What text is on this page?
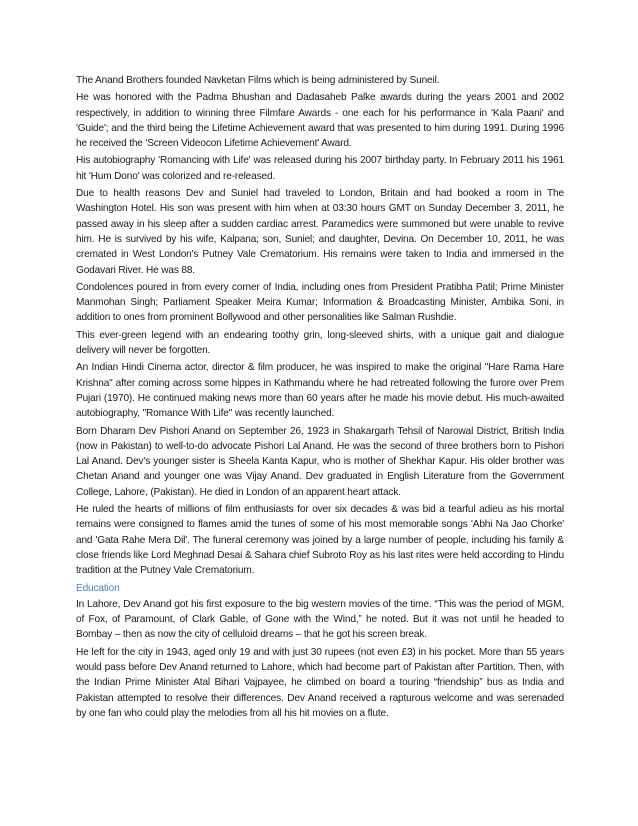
The Anand Brothers founded Navketan Films which is being administered by Suneil.

He was honored with the Padma Bhushan and Dadasaheb Palke awards during the years 2001 and 2002 respectively, in addition to winning three Filmfare Awards - one each for his performance in 'Kala Paani' and 'Guide'; and the third being the Lifetime Achievement award that was presented to him during 1991. During 1996 he received the 'Screen Videocon Lifetime Achievement' Award.

His autobiography 'Romancing with Life' was released during his 2007 birthday party. In February 2011 his 1961 hit 'Hum Dono' was colorized and re-released.

Due to health reasons Dev and Suniel had traveled to London, Britain and had booked a room in The Washington Hotel. His son was present with him when at 03:30 hours GMT on Sunday December 3, 2011, he passed away in his sleep after a sudden cardiac arrest. Paramedics were summoned but were unable to revive him. He is survived by his wife, Kalpana; son, Suniel; and daughter, Devina. On December 10, 2011, he was cremated in West London's Putney Vale Crematorium. His remains were taken to India and immersed in the Godavari River. He was 88.

Condolences poured in from every corner of India, including ones from President Pratibha Patil; Prime Minister Manmohan Singh; Parliament Speaker Meira Kumar; Information & Broadcasting Minister, Ambika Soni, in addition to ones from prominent Bollywood and other personalities like Salman Rushdie.

This ever-green legend with an endearing toothy grin, long-sleeved shirts, with a unique gait and dialogue delivery will never be forgotten.

An Indian Hindi Cinema actor, director & film producer, he was inspired to make the original "Hare Rama Hare Krishna" after coming across some hippes in Kathmandu where he had retreated following the furore over Prem Pujari (1970). He continued making news more than 60 years after he made his movie debut. His much-awaited autobiography, "Romance With Life" was recently launched.

Born Dharam Dev Pishori Anand on September 26, 1923 in Shakargarh Tehsil of Narowal District, British India (now in Pakistan) to well-to-do advocate Pishori Lal Anand. He was the second of three brothers born to Pishori Lal Anand. Dev's younger sister is Sheela Kanta Kapur, who is mother of Shekhar Kapur. His older brother was Chetan Anand and younger one was Vijay Anand. Dev graduated in English Literature from the Government College, Lahore, (Pakistan). He died in London of an apparent heart attack.

He ruled the hearts of millions of film enthusiasts for over six decades & was bid a tearful adieu as his mortal remains were consigned to flames amid the tunes of some of his most memorable songs 'Abhi Na Jao Chorke' and 'Gata Rahe Mera Dil'. The funeral ceremony was joined by a large number of people, including his family & close friends like Lord Meghnad Desai & Sahara chief Subroto Roy as his last rites were held according to Hindu tradition at the Putney Vale Crematorium.

Education

In Lahore, Dev Anand got his first exposure to the big western movies of the time. “This was the period of MGM, of Fox, of Paramount, of Clark Gable, of Gone with the Wind,” he noted. But it was not until he headed to Bombay – then as now the city of celluloid dreams – that he got his screen break.

He left for the city in 1943, aged only 19 and with just 30 rupees (not even £3) in his pocket. More than 55 years would pass before Dev Anand returned to Lahore, which had become part of Pakistan after Partition. Then, with the Indian Prime Minister Atal Bihari Vajpayee, he climbed on board a touring “friendship” bus as India and Pakistan attempted to resolve their differences. Dev Anand received a rapturous welcome and was serenaded by one fan who could play the melodies from all his hit movies on a flute.
